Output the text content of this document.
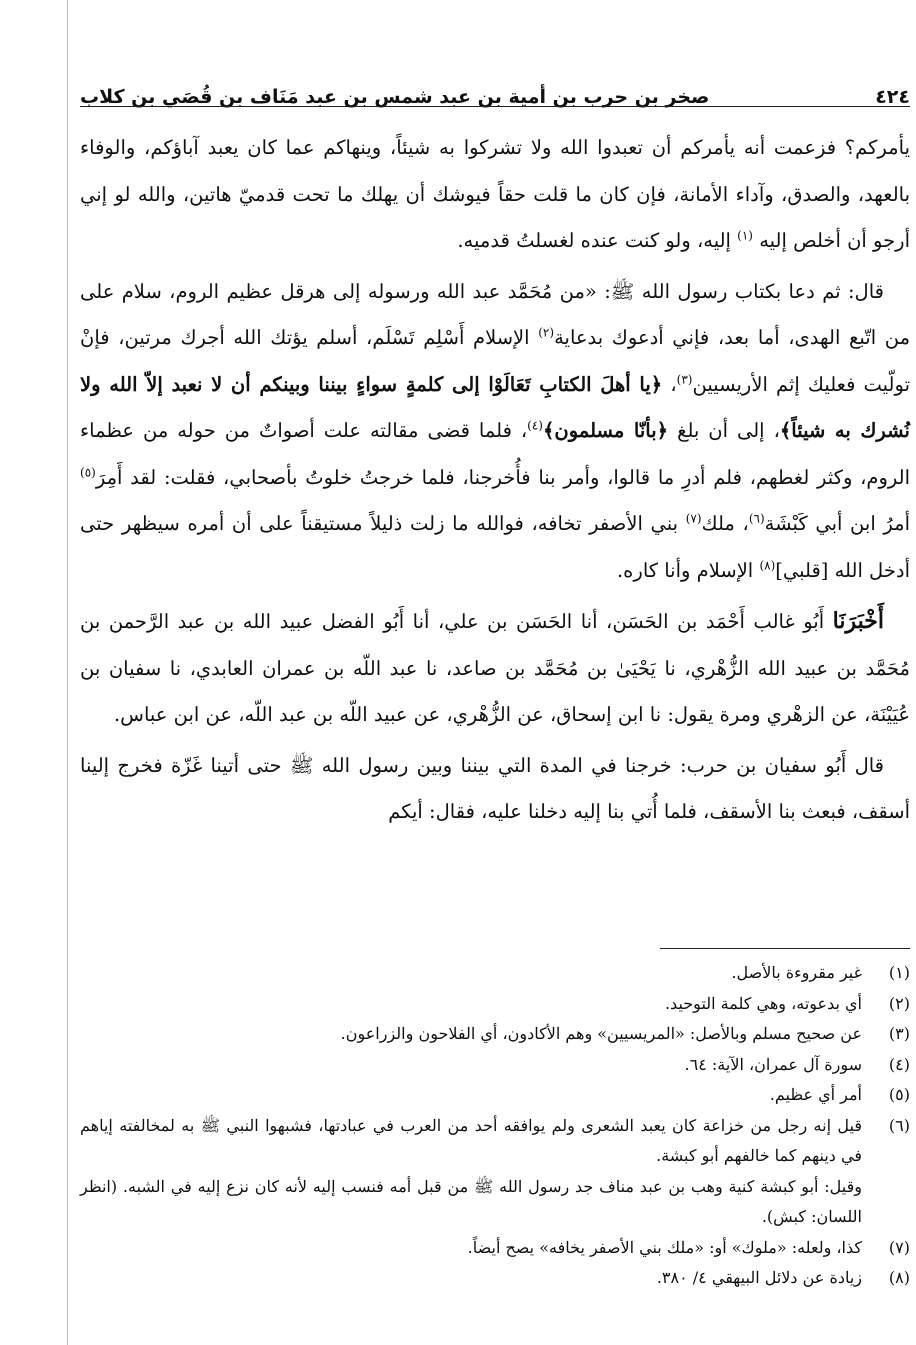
٤٢٤
صخر بن حرب بن أمية بن عبد شمس بن عبد مَنَاف بن قُصَي بن كلاب

يأمركم؟ فزعمت أنه يأمركم أن تعبدوا الله ولا تشركوا به شيئاً، وينهاكم عما كان يعبد آباؤكم، والوفاء بالعهد، والصدق، وآداء الأمانة، فإن كان ما قلت حقاً فيوشك أن يهلك ما تحت قدميّ هاتين، والله لو إني أرجو أن أخلص إليه $^{(١)}$ إليه، ولو كنت عنده لغسلتُ قدميه.

قال: ثم دعا بكتاب رسول الله ﷺ: «من مُحَمَّد عبد الله ورسوله إلى هرقل عظيم الروم، سلام على من اتّبع الهدى، أما بعد، فإني أدعوك بدعاية$^{(٢)}$ الإسلام أَسْلِم تَسْلَم، أسلم يؤتك الله أجرك مرتين، فإنْ تولّيت فعليك إثم الأريسيين$^{(٣)}$، ﴿يا أهلَ الكتابِ تَعَالَوْا إلى كلمةٍ سواءٍ بيننا وبينكم أن لا نعبد إلاّ الله ولا نُشرك به شيئاً﴾، إلى أن بلغ ﴿بأنّا مسلمون﴾$^{(٤)}$، فلما قضى مقالته علت أصواتٌ من حوله من عظماء الروم، وكثر لغطهم، فلم أدرِ ما قالوا، وأمر بنا فأُخرجنا، فلما خرجتُ خلوتُ بأصحابي، فقلت: لقد أَمِرَ$^{(٥)}$ أمرُ ابن أبي كَبْشَة$^{(٦)}$، ملك$^{(٧)}$ بني الأصفر تخافه، فوالله ما زلت ذليلاً مستيقناً على أن أمره سيظهر حتى أدخل الله [قلبي]$^{(٨)}$ الإسلام وأنا كاره.

أَخْبَرَنَا أَبُو غالب أَحْمَد بن الحَسَن، أنا الحَسَن بن علي، أنا أَبُو الفضل عبيد الله بن عبد الرَّحمن بن مُحَمَّد بن عبيد الله الزُّهْري، نا يَحْيَىٰ بن مُحَمَّد بن صاعد، نا عبد اللّه بن عمران العابدي، نا سفيان بن عُيَيْنَة، عن الزهْري ومرة يقول: نا ابن إسحاق، عن الزُّهْري، عن عبيد اللّه بن عبد اللّه، عن ابن عباس.

قال أَبُو سفيان بن حرب: خرجنا في المدة التي بيننا وبين رسول الله ﷺ حتى أتينا غَزّة فخرج إلينا أسقف، فبعث بنا الأسقف، فلما أُتي بنا إليه دخلنا عليه، فقال: أيكم

(١)
غير مقروءة بالأصل.
(٢)
أي بدعوته، وهي كلمة التوحيد.
(٣)
عن صحيح مسلم وبالأصل: «المريسيين» وهم الأكادون، أي الفلاحون والزراعون.
(٤)
سورة آل عمران، الآية: ٦٤.
(٥)
أمر أي عظيم.
(٦)
قيل إنه رجل من خزاعة كان يعبد الشعرى ولم يوافقه أحد من العرب في عبادتها، فشبهوا النبي ﷺ به لمخالفته إياهم في دينهم كما خالفهم أبو كبشة.
وقيل: أبو كبشة كنية وهب بن عبد مناف جد رسول الله ﷺ من قبل أمه فنسب إليه لأنه كان نزع إليه في الشبه. (انظر اللسان: كبش).
(٧)
كذا، ولعله: «ملوك» أو: «ملك بني الأصفر يخافه» يصح أيضاً.
(٨)
زيادة عن دلائل البيهقي ٤/ ٣٨٠.
